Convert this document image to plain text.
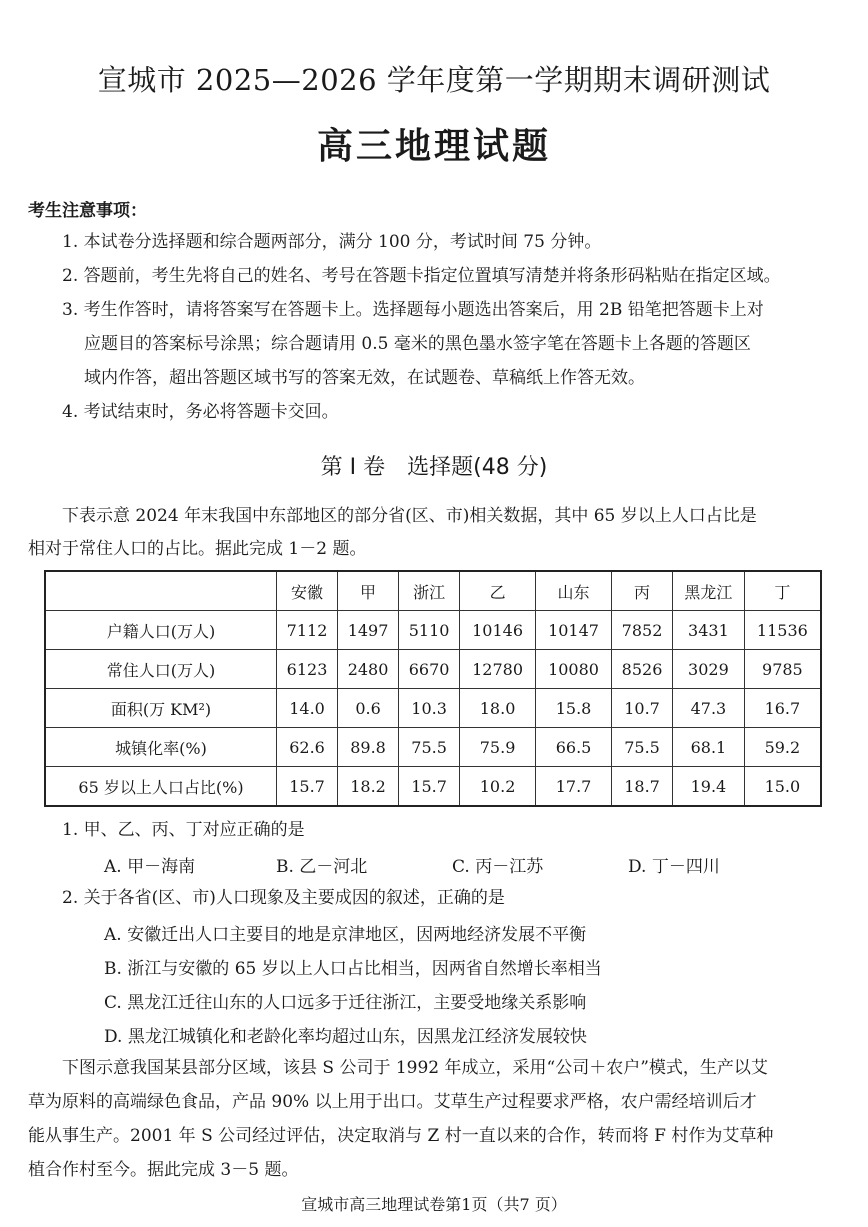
宣城市 2025—2026 学年度第一学期期末调研测试
高三地理试题
考生注意事项：
1. 本试卷分选择题和综合题两部分，满分 100 分，考试时间 75 分钟。
2. 答题前，考生先将自己的姓名、考号在答题卡指定位置填写清楚并将条形码粘贴在指定区域。
3. 考生作答时，请将答案写在答题卡上。选择题每小题选出答案后，用 2B 铅笔把答题卡上对
应题目的答案标号涂黑；综合题请用 0.5 毫米的黑色墨水签字笔在答题卡上各题的答题区
域内作答，超出答题区域书写的答案无效，在试题卷、草稿纸上作答无效。
4. 考试结束时，务必将答题卡交回。
第 Ⅰ 卷　选择题(48 分)
下表示意 2024 年末我国中东部地区的部分省(区、市)相关数据，其中 65 岁以上人口占比是
相对于常住人口的占比。据此完成 1－2 题。
	安徽	甲	浙江	乙	山东	丙	黑龙江	丁
户籍人口(万人)	7112	1497	5110	10146	10147	7852	3431	11536
常住人口(万人)	6123	2480	6670	12780	10080	8526	3029	9785
面积(万 KM²)	14.0	0.6	10.3	18.0	15.8	10.7	47.3	16.7
城镇化率(%)	62.6	89.8	75.5	75.9	66.5	75.5	68.1	59.2
65 岁以上人口占比(%)	15.7	18.2	15.7	10.2	17.7	18.7	19.4	15.0
1. 甲、乙、丙、丁对应正确的是
A. 甲－海南	B. 乙－河北	C. 丙－江苏	D. 丁－四川
2. 关于各省(区、市)人口现象及主要成因的叙述，正确的是
A. 安徽迁出人口主要目的地是京津地区，因两地经济发展不平衡
B. 浙江与安徽的 65 岁以上人口占比相当，因两省自然增长率相当
C. 黑龙江迁往山东的人口远多于迁往浙江，主要受地缘关系影响
D. 黑龙江城镇化和老龄化率均超过山东，因黑龙江经济发展较快
下图示意我国某县部分区域，该县 S 公司于 1992 年成立，采用“公司＋农户”模式，生产以艾
草为原料的高端绿色食品，产品 90% 以上用于出口。艾草生产过程要求严格，农户需经培训后才
能从事生产。2001 年 S 公司经过评估，决定取消与 Z 村一直以来的合作，转而将 F 村作为艾草种
植合作村至今。据此完成 3－5 题。
宣城市高三地理试卷第1页（共7 页）
